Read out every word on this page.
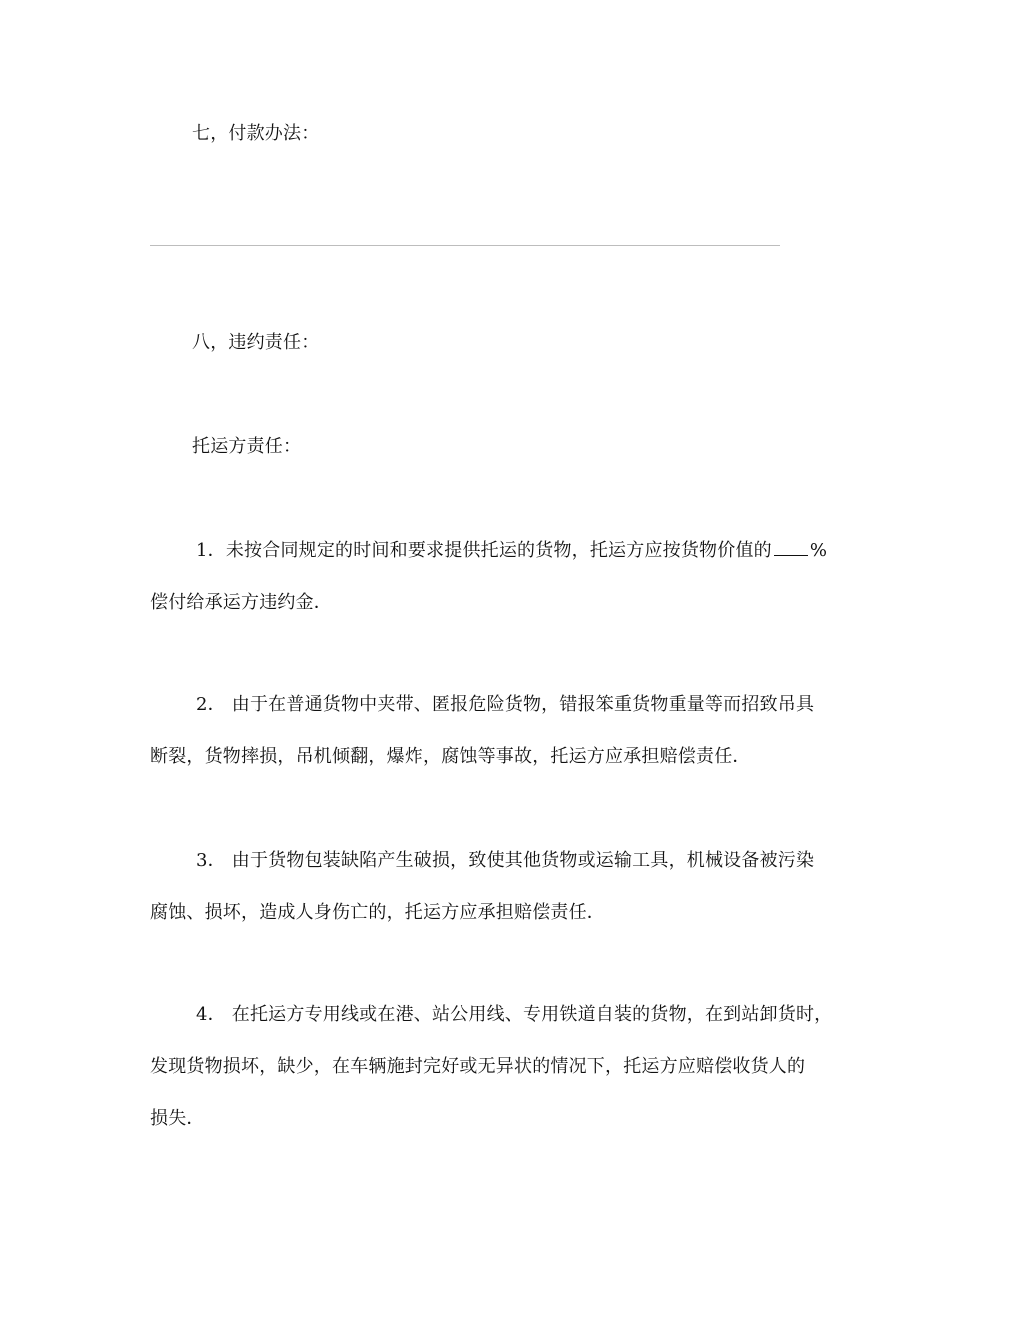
七，付款办法：
八，违约责任：
托运方责任：
1．未按合同规定的时间和要求提供托运的货物，托运方应按货物价值的 %
偿付给承运方违约金．
2． 由于在普通货物中夹带、匿报危险货物，错报笨重货物重量等而招致吊具
断裂，货物摔损，吊机倾翻，爆炸，腐蚀等事故，托运方应承担赔偿责任．
3． 由于货物包装缺陷产生破损，致使其他货物或运输工具，机械设备被污染
腐蚀、损坏，造成人身伤亡的，托运方应承担赔偿责任．
4． 在托运方专用线或在港、站公用线、专用铁道自装的货物，在到站卸货时，
发现货物损坏，缺少，在车辆施封完好或无异状的情况下，托运方应赔偿收货人的
损失．
